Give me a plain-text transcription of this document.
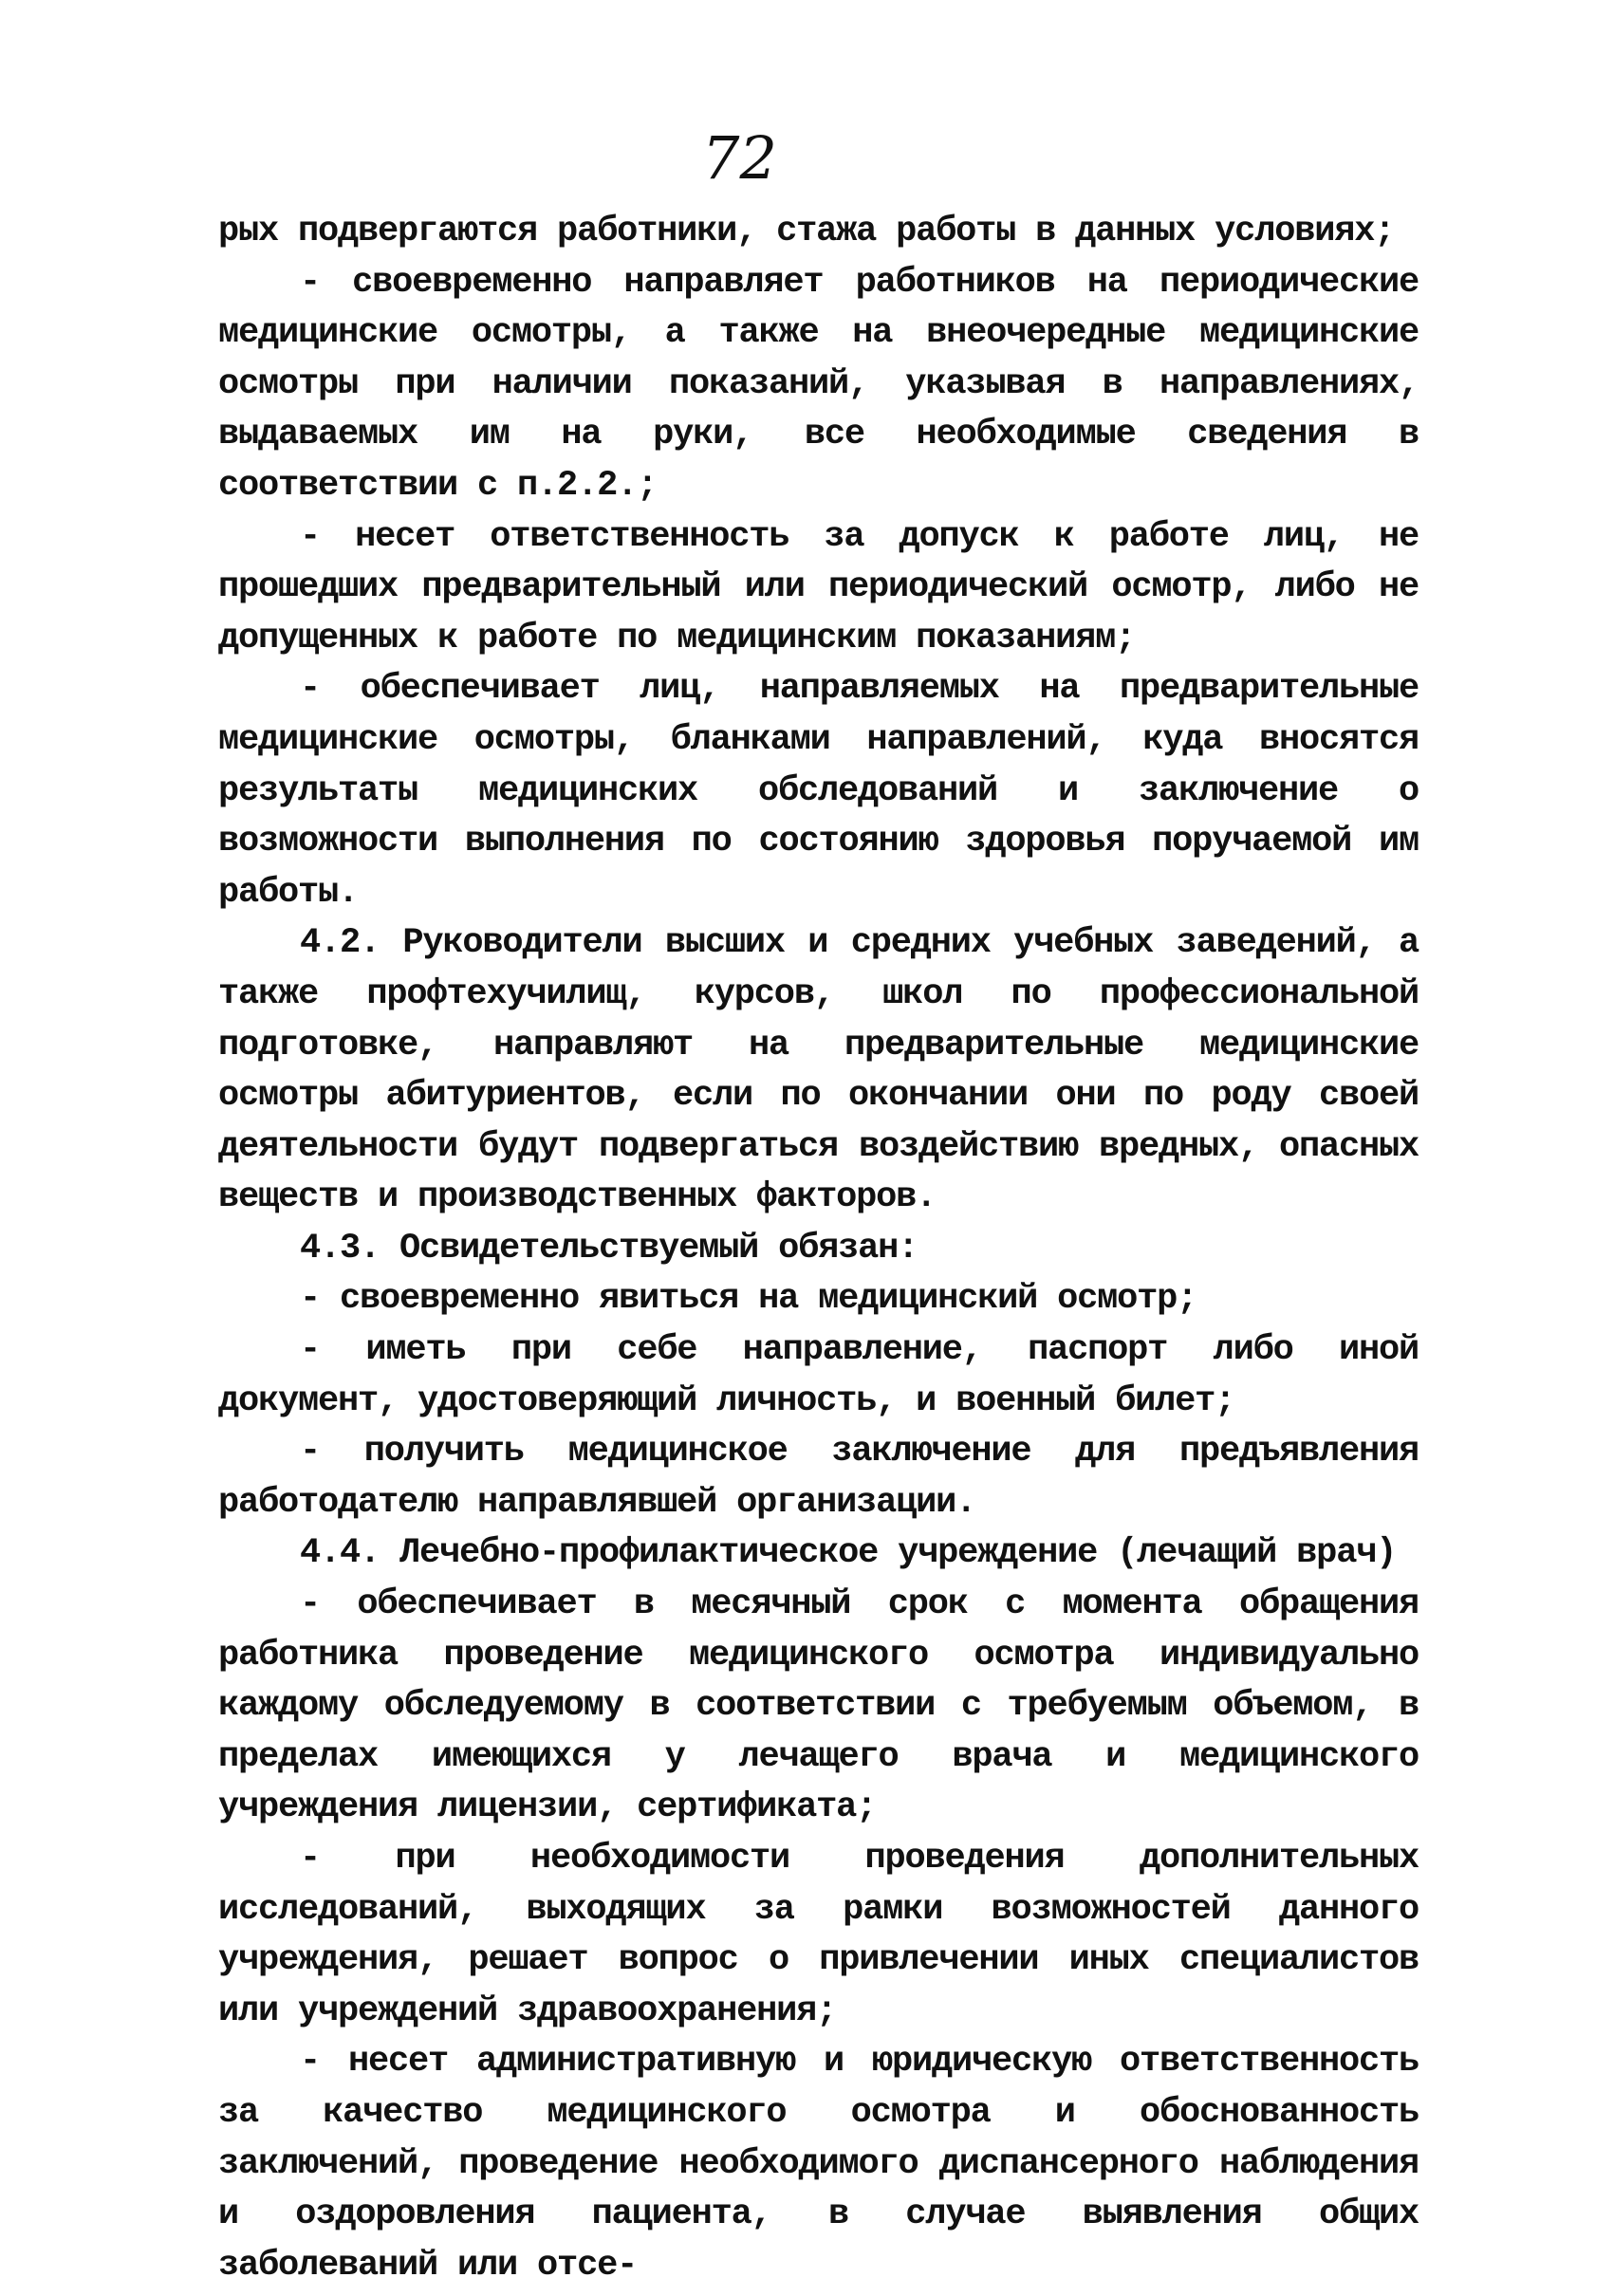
72

рых подвергаются работники, стажа работы в данных условиях;

- своевременно направляет работников на периодические медицинские осмотры, а также на внеочередные медицинские осмотры при наличии показаний, указывая в направлениях, выдаваемых им на руки, все необходимые сведения в соответствии с п.2.2.;

- несет ответственность за допуск к работе лиц, не прошедших предварительный или периодический осмотр, либо не допущенных к работе по медицинским показаниям;

- обеспечивает лиц, направляемых на предварительные медицинские осмотры, бланками направлений, куда вносятся результаты медицинских обследований и заключение о возможности выполнения по состоянию здоровья поручаемой им работы.

4.2. Руководители высших и средних учебных заведений, а также профтехучилищ, курсов, школ по профессиональной подготовке, направляют на предварительные медицинские осмотры абитуриентов, если по окончании они по роду своей деятельности будут подвергаться воздействию вредных, опасных веществ и производственных факторов.

4.3. Освидетельствуемый обязан:

- своевременно явиться на медицинский осмотр;

- иметь при себе направление, паспорт либо иной документ, удостоверяющий личность, и военный билет;

- получить медицинское заключение для предъявления работодателю направлявшей организации.

4.4. Лечебно-профилактическое учреждение (лечащий врач)

- обеспечивает в месячный срок с момента обращения работника проведение медицинского осмотра индивидуально каждому обследуемому в соответствии с требуемым объемом, в пределах имеющихся у лечащего врача и медицинского учреждения лицензии, сертификата;

- при необходимости проведения дополнительных исследований, выходящих за рамки возможностей данного учреждения, решает вопрос о привлечении иных специалистов или учреждений здравоохранения;

- несет административную и юридическую ответственность за качество медицинского осмотра и обоснованность заключений, проведение необходимого диспансерного наблюдения и оздоровления пациента, в случае выявления общих заболеваний или отсе-
